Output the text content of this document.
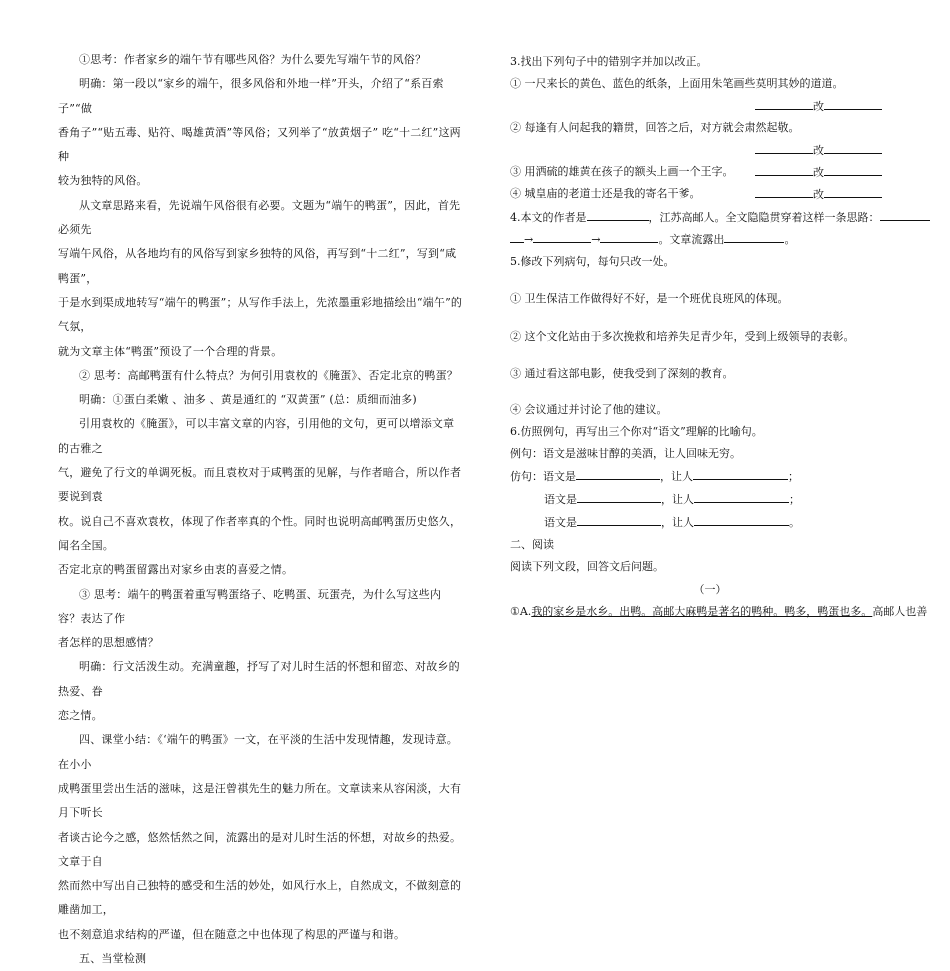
①思考：作者家乡的端午节有哪些风俗？为什么要先写端午节的风俗？

明确：第一段以“家乡的端午，很多风俗和外地一样”开头，介绍了“系百索子”“做

香角子”“贴五毒、贴符、喝雄黄酒”等风俗；又列举了“放黄烟子” 吃“十二红”这两种

较为独特的风俗。

从文章思路来看，先说端午风俗很有必要。文题为“端午的鸭蛋”，因此，首先必须先

写端午风俗，从各地均有的风俗写到家乡独特的风俗，再写到“十二红”，写到“咸鸭蛋”，

于是水到渠成地转写“端午的鸭蛋”；从写作手法上，先浓墨重彩地描绘出“端午”的气氛，

就为文章主体“鸭蛋”预设了一个合理的背景。

② 思考：高邮鸭蛋有什么特点？为何引用袁枚的《腌蛋》、否定北京的鸭蛋？

明确：①蛋白柔嫩 、油多 、黄是通红的 “双黄蛋” (总：质细而油多)

引用袁枚的《腌蛋》，可以丰富文章的内容，引用他的文句，更可以增添文章的古雅之

气，避免了行文的单调死板。而且袁枚对于咸鸭蛋的见解，与作者暗合，所以作者要说到袁

枚。说自己不喜欢袁枚，体现了作者率真的个性。同时也说明高邮鸭蛋历史悠久，闻名全国。

否定北京的鸭蛋留露出对家乡由衷的喜爱之情。

③ 思考：端午的鸭蛋着重写鸭蛋络子、吃鸭蛋、玩蛋壳，为什么写这些内容？表达了作

者怎样的思想感情？

明确：行文活泼生动。充满童趣，抒写了对儿时生活的怀想和留恋、对故乡的热爱、眷

恋之情。

四、课堂小结：《‘端午的鸭蛋》一文，在平淡的生活中发现情趣，发现诗意。在小小

成鸭蛋里尝出生活的滋味，这是汪曾祺先生的魅力所在。文章读来从容闲淡，大有月下听长

者谈古论今之感，悠然恬然之间，流露出的是对儿时生活的怀想，对故乡的热爱。文章于自

然而然中写出自己独特的感受和生活的妙处，如风行水上，自然成文，不做刻意的雕凿加工，

也不刻意追求结构的严谨，但在随意之中也体现了构思的严谨与和谐。

五、当堂检测

3.找出下列句子中的错别字并加以改正。
① 一尺来长的黄色、蓝色的纸条，上面用朱笔画些莫明其妙的道道。
改
② 每逢有人问起我的籍贯，回答之后，对方就会肃然起敬。
改
③ 用洒硫的雄黄在孩子的额头上画一个王字。	改
④ 城皇庙的老道士还是我的寄名干爹。	改
4.本文的作者是	，江苏高邮人。全文隐隐贯穿着这样一条思路：
→	→	。文章流露出	。
5.修改下列病句，每句只改一处。
① 卫生保洁工作做得好不好，是一个班优良班风的体现。
② 这个文化站由于多次挽救和培养失足青少年，受到上级领导的表彰。
③ 通过看这部电影，使我受到了深刻的教育。
④ 会议通过并讨论了他的建议。
6.仿照例句，再写出三个你对“语文”理解的比喻句。
例句：语文是滋味甘醇的美酒，让人回味无穷。
仿句：语文是	，让人	；
语文是	，让人	；
语文是	，让人	。
二、阅读
阅读下列文段，回答文后问题。
（一）
①A.我的家乡是水乡。出鸭。高邮大麻鸭是著名的鸭种。鸭多，鸭蛋也多。高邮人也善
